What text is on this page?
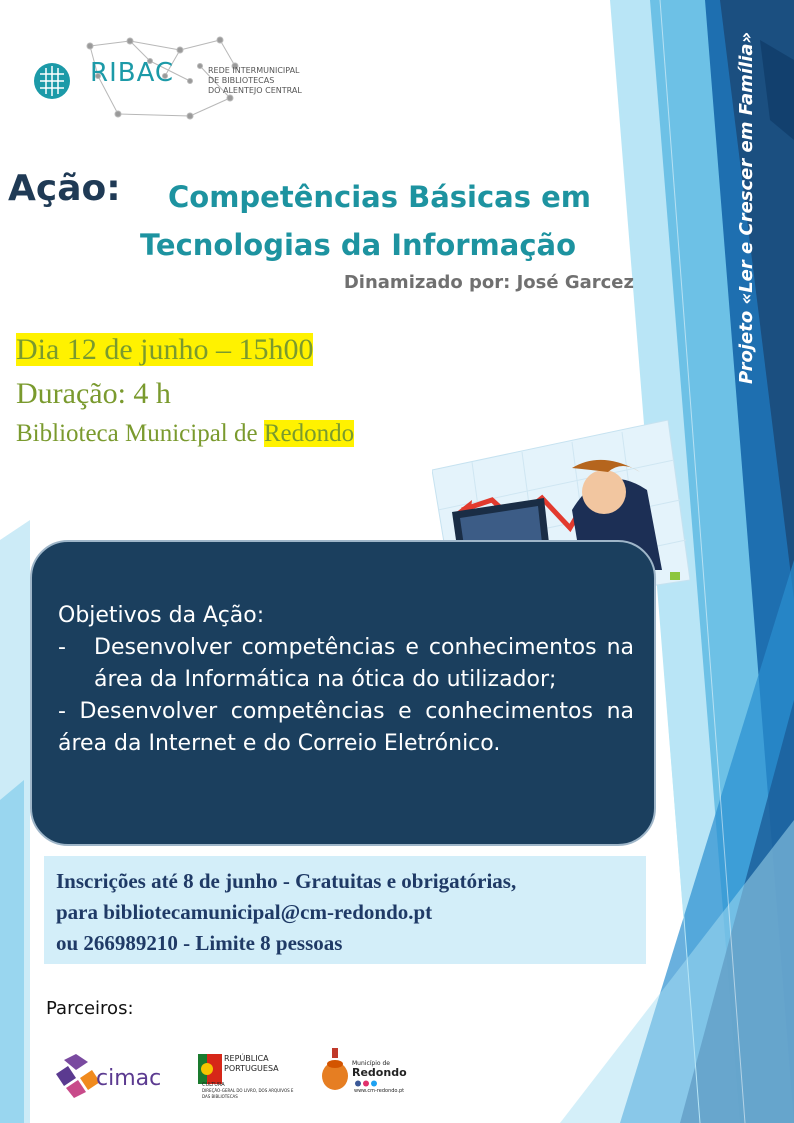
RIBAC	REDE INTERMUNICIPAL
DE BIBLIOTECAS
DO ALENTEJO CENTRAL
Ação: Competências Básicas em
Tecnologias da Informação
Dinamizado por: José Garcez
Dia 12 de junho – 15h00
Duração: 4 h
Biblioteca Municipal de Redondo
Projeto «Ler e Crescer em Família»
Objetivos da Ação:
-	Desenvolver competências e conhecimentos na área da Informática na ótica do utilizador;
- Desenvolver competências e conhecimentos na área da Internet e do Correio Eletrónico.
Inscrições até 8 de junho - Gratuitas e obrigatórias,
para bibliotecamunicipal@cm-redondo.pt
ou 266989210 - Limite 8 pessoas
Parceiros:
cimac
REPÚBLICA
PORTUGUESA
CULTURA
DIREÇÃO-GERAL DO LIVRO, DOS ARQUIVOS E
DAS BIBLIOTECAS
Município de
Redondo
www.cm-redondo.pt
